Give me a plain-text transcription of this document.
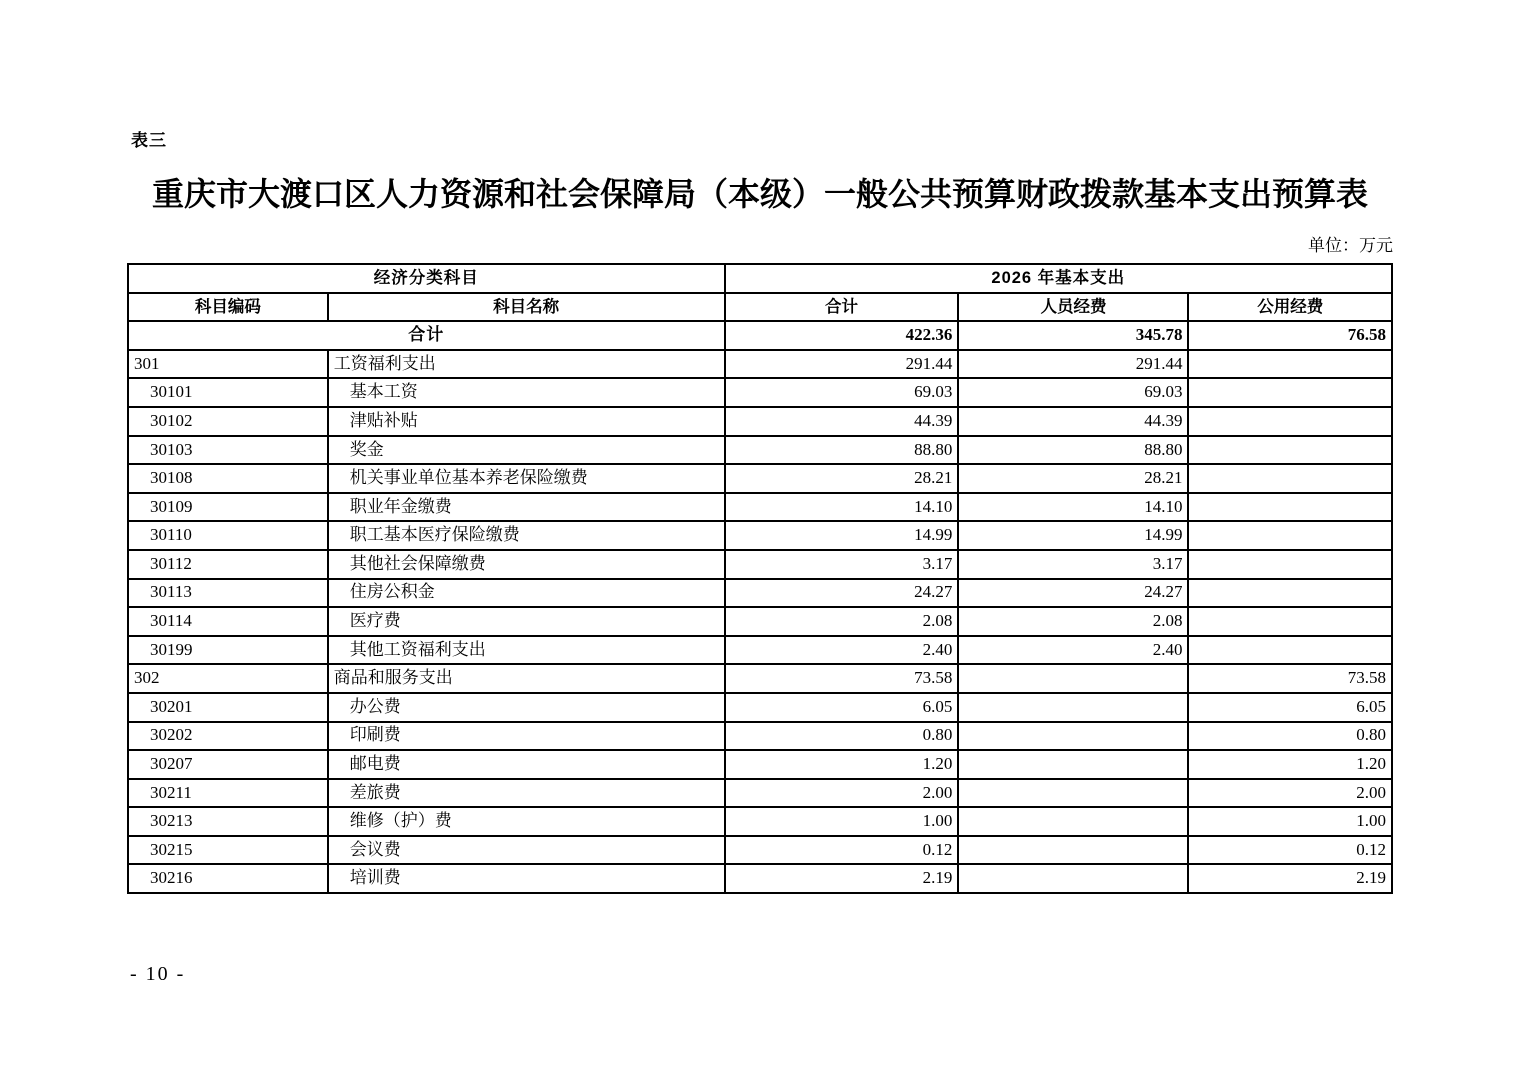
表三
重庆市大渡口区人力资源和社会保障局（本级）一般公共预算财政拨款基本支出预算表
单位：万元
经济分类科目		2026 年基本支出		
科目编码	科目名称	合计	人员经费	公用经费
合计		422.36	345.78	76.58
301	工资福利支出	291.44	291.44	
30101	基本工资	69.03	69.03	
30102	津贴补贴	44.39	44.39	
30103	奖金	88.80	88.80	
30108	机关事业单位基本养老保险缴费	28.21	28.21	
30109	职业年金缴费	14.10	14.10	
30110	职工基本医疗保险缴费	14.99	14.99	
30112	其他社会保障缴费	3.17	3.17	
30113	住房公积金	24.27	24.27	
30114	医疗费	2.08	2.08	
30199	其他工资福利支出	2.40	2.40	
302	商品和服务支出	73.58		73.58
30201	办公费	6.05		6.05
30202	印刷费	0.80		0.80
30207	邮电费	1.20		1.20
30211	差旅费	2.00		2.00
30213	维修（护）费	1.00		1.00
30215	会议费	0.12		0.12
30216	培训费	2.19		2.19
- 10 -
